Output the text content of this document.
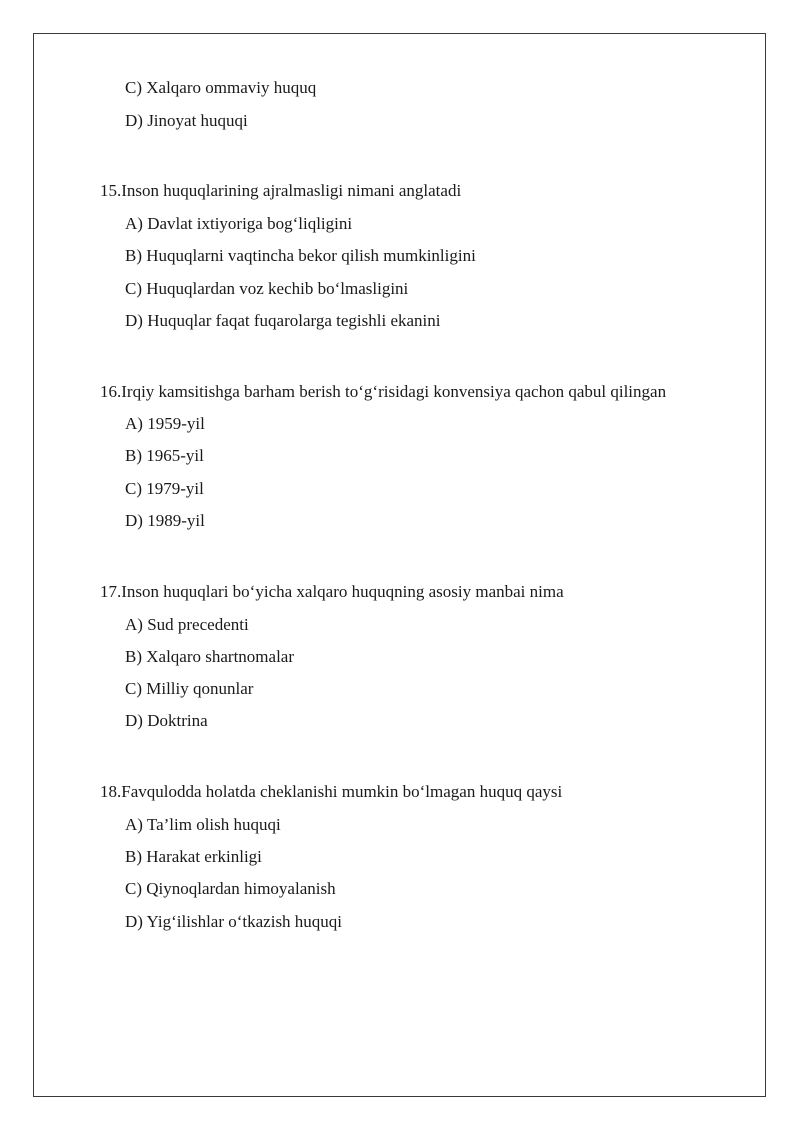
C) Xalqaro ommaviy huquq
D) Jinoyat huquqi
15.Inson huquqlarining ajralmasligi nimani anglatadi
A) Davlat ixtiyoriga bog‘liqligini
B) Huquqlarni vaqtincha bekor qilish mumkinligini
C) Huquqlardan voz kechib bo‘lmasligini
D) Huquqlar faqat fuqarolarga tegishli ekanini
16.Irqiy kamsitishga barham berish to‘g‘risidagi konvensiya qachon qabul qilingan
A) 1959-yil
B) 1965-yil
C) 1979-yil
D) 1989-yil
17.Inson huquqlari bo‘yicha xalqaro huquqning asosiy manbai nima
A) Sud precedenti
B) Xalqaro shartnomalar
C) Milliy qonunlar
D) Doktrina
18.Favqulodda holatda cheklanishi mumkin bo‘lmagan huquq qaysi
A) Ta’lim olish huquqi
B) Harakat erkinligi
C) Qiynoqlardan himoyalanish
D) Yig‘ilishlar o‘tkazish huquqi
